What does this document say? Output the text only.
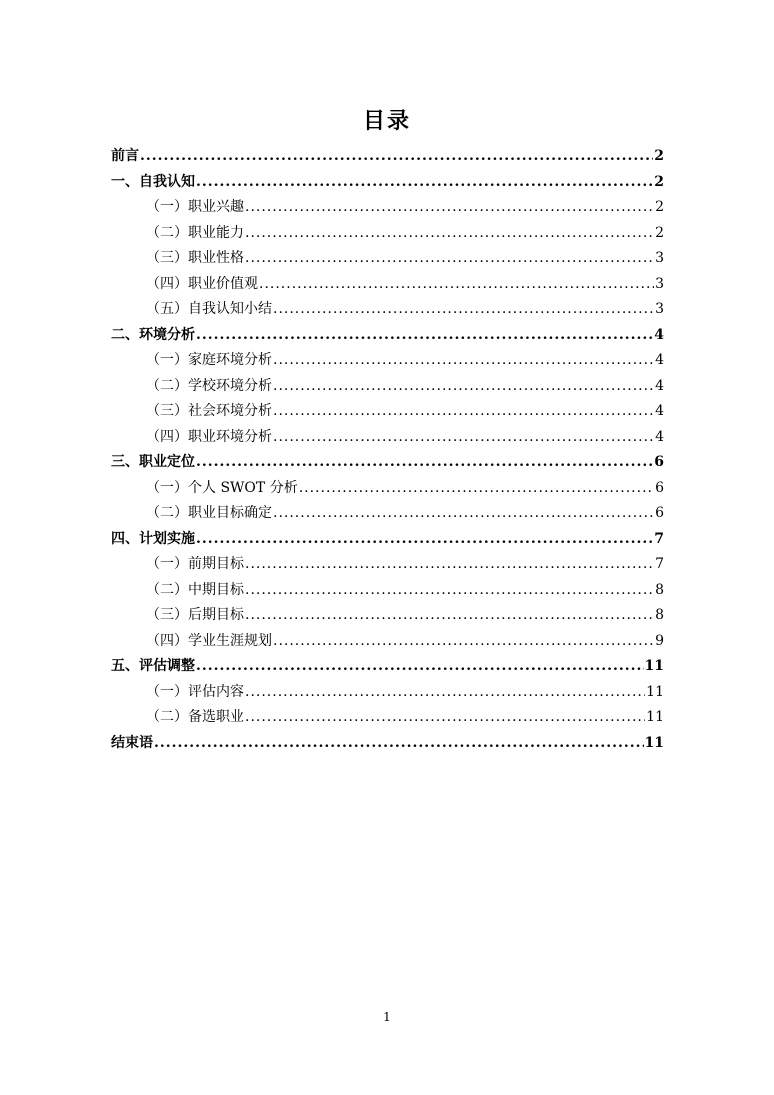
目录
前言 .....	2
一、自我认知 .....	2
（一）职业兴趣 .....	2
（二）职业能力 .....	2
（三）职业性格 .....	3
（四）职业价值观 .....	3
（五）自我认知小结 .....	3
二、环境分析 .....	4
（一）家庭环境分析 .....	4
（二）学校环境分析 .....	4
（三）社会环境分析 .....	4
（四）职业环境分析 .....	4
三、职业定位 .....	6
（一）个人 SWOT 分析 .....	6
（二）职业目标确定 .....	6
四、计划实施 .....	7
（一）前期目标 .....	7
（二）中期目标 .....	8
（三）后期目标 .....	8
（四）学业生涯规划 .....	9
五、评估调整 .....	11
（一）评估内容 .....	11
（二）备选职业 .....	11
结束语 .....	11

1
